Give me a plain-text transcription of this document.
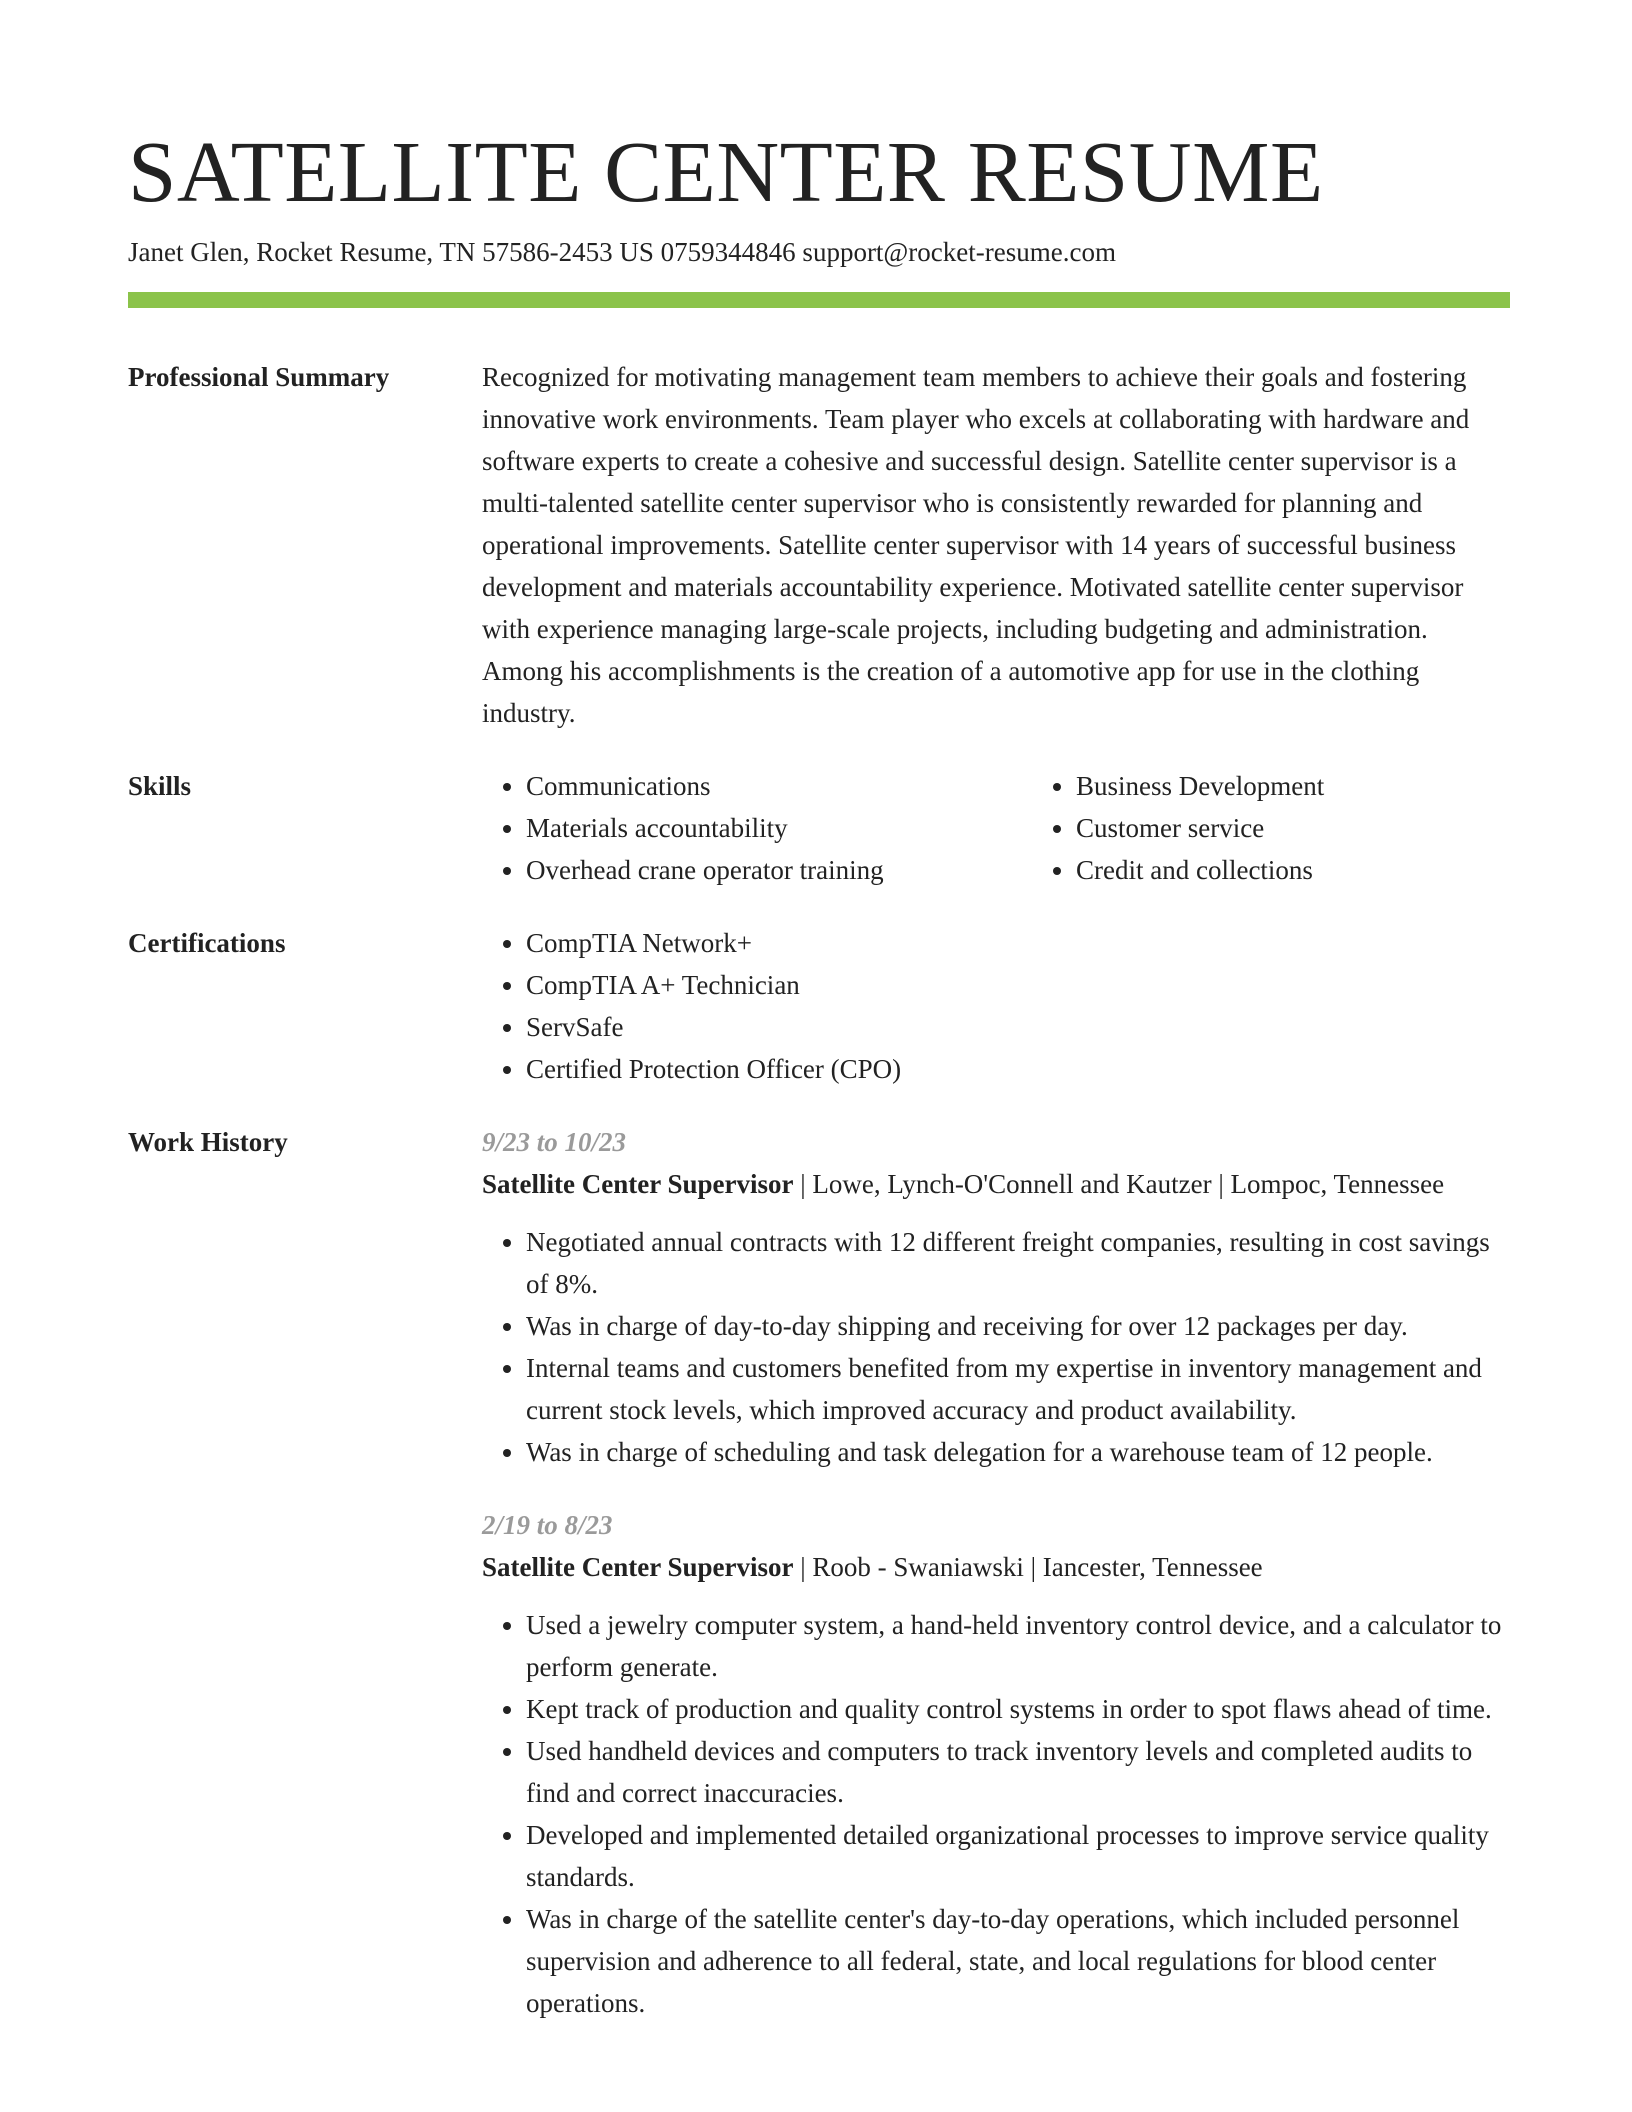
SATELLITE CENTER RESUME
Janet Glen, Rocket Resume, TN 57586-2453 US 0759344846 support@rocket-resume.com
Professional Summary	Recognized for motivating management team members to achieve their goals and fostering innovative work environments. Team player who excels at collaborating with hardware and software experts to create a cohesive and successful design. Satellite center supervisor is a multi-talented satellite center supervisor who is consistently rewarded for planning and operational improvements. Satellite center supervisor with 14 years of successful business development and materials accountability experience. Motivated satellite center supervisor with experience managing large-scale projects, including budgeting and administration. Among his accomplishments is the creation of a automotive app for use in the clothing industry.

Skills	• Communications
• Materials accountability
• Overhead crane operator training
• Business Development
• Customer service
• Credit and collections
Certifications	• CompTIA Network+
• CompTIA A+ Technician
• ServSafe
• Certified Protection Officer (CPO)
Work History	9/23 to 10/23
Satellite Center Supervisor | Lowe, Lynch-O'Connell and Kautzer | Lompoc, Tennessee
• Negotiated annual contracts with 12 different freight companies, resulting in cost savings of 8%.
• Was in charge of day-to-day shipping and receiving for over 12 packages per day.
• Internal teams and customers benefited from my expertise in inventory management and current stock levels, which improved accuracy and product availability.
• Was in charge of scheduling and task delegation for a warehouse team of 12 people.
2/19 to 8/23
Satellite Center Supervisor | Roob - Swaniawski | Iancester, Tennessee
• Used a jewelry computer system, a hand-held inventory control device, and a calculator to perform generate.
• Kept track of production and quality control systems in order to spot flaws ahead of time.
• Used handheld devices and computers to track inventory levels and completed audits to find and correct inaccuracies.
• Developed and implemented detailed organizational processes to improve service quality standards.
• Was in charge of the satellite center's day-to-day operations, which included personnel supervision and adherence to all federal, state, and local regulations for blood center operations.
